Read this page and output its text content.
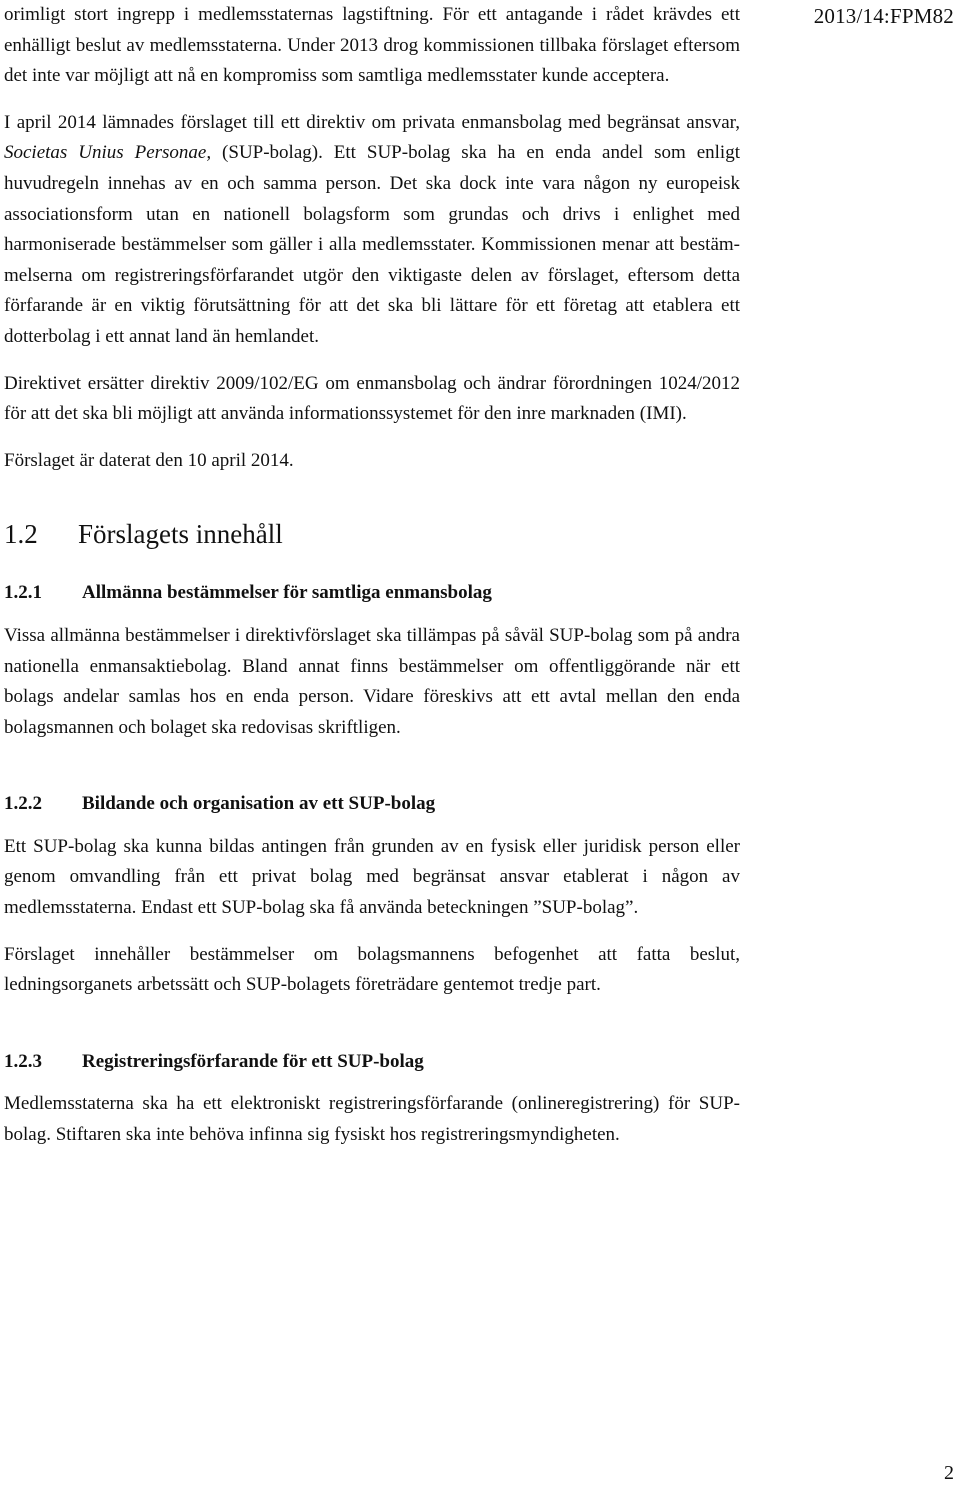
2013/14:FPM82

orimligt stort ingrepp i medlemsstaternas lagstiftning. För ett antagande i rådet krävdes ett enhälligt beslut av medlemsstaterna. Under 2013 drog kommissionen tillbaka förslaget eftersom det inte var möjligt att nå en kompromiss som samtliga medlemsstater kunde acceptera.

I april 2014 lämnades förslaget till ett direktiv om privata enmansbolag med begränsat ansvar, Societas Unius Personae, (SUP-bolag). Ett SUP-bolag ska ha en enda andel som enligt huvudregeln innehas av en och samma person. Det ska dock inte vara någon ny europeisk associationsform utan en nationell bolagsform som grundas och drivs i enlighet med harmoniserade bestämmelser som gäller i alla medlemsstater. Kommissionen menar att bestämmelserna om registreringsförfarandet utgör den viktigaste delen av förslaget, eftersom detta förfarande är en viktig förutsättning för att det ska bli lättare för ett företag att etablera ett dotterbolag i ett annat land än hemlandet.

Direktivet ersätter direktiv 2009/102/EG om enmansbolag och ändrar förordningen 1024/2012 för att det ska bli möjligt att använda informationssystemet för den inre marknaden (IMI).

Förslaget är daterat den 10 april 2014.

1.2	Förslagets innehåll
1.2.1	Allmänna bestämmelser för samtliga enmansbolag

Vissa allmänna bestämmelser i direktivförslaget ska tillämpas på såväl SUP-bolag som på andra nationella enmansaktiebolag. Bland annat finns bestämmelser om offentliggörande när ett bolags andelar samlas hos en enda person. Vidare föreskivs att ett avtal mellan den enda bolagsmannen och bolaget ska redovisas skriftligen.

1.2.2	Bildande och organisation av ett SUP-bolag

Ett SUP-bolag ska kunna bildas antingen från grunden av en fysisk eller juridisk person eller genom omvandling från ett privat bolag med begränsat ansvar etablerat i någon av medlemsstaterna. Endast ett SUP-bolag ska få använda beteckningen ”SUP-bolag”.

Förslaget innehåller bestämmelser om bolagsmannens befogenhet att fatta beslut, ledningsorganets arbetssätt och SUP-bolagets företrädare gentemot tredje part.

1.2.3	Registreringsförfarande för ett SUP-bolag

Medlemsstaterna ska ha ett elektroniskt registreringsförfarande (onlineregistrering) för SUP-bolag. Stiftaren ska inte behöva infinna sig fysiskt hos registreringsmyndigheten.

2
